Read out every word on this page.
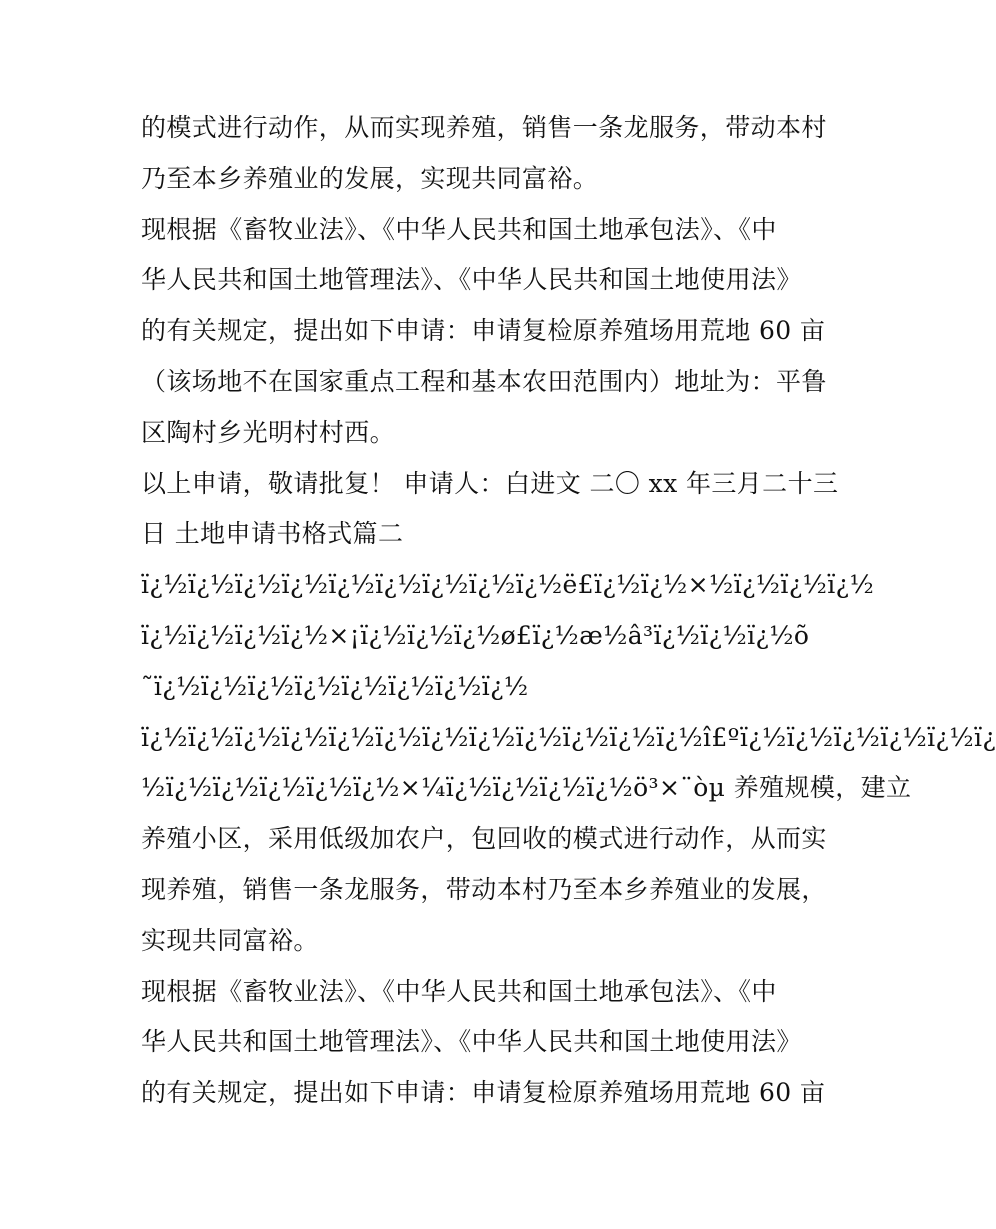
的模式进行动作，从而实现养殖，销售一条龙服务，带动本村
乃至本乡养殖业的发展，实现共同富裕。
现根据《畜牧业法》、《中华人民共和国土地承包法》、《中
华人民共和国土地管理法》、《中华人民共和国土地使用法》
的有关规定，提出如下申请：申请复检原养殖场用荒地 60 亩
（该场地不在国家重点工程和基本农田范围内）地址为：平鲁
区陶村乡光明村村西。
以上申请，敬请批复！ 申请人：白进文 二〇 xx 年三月二十三
日 土地申请书格式篇二
ï¿½ï¿½ï¿½ï¿½ï¿½ï¿½ï¿½ï¿½ï¿½ë£ï¿½ï¿½×½ï¿½ï¿½ï¿½
ï¿½ï¿½ï¿½ï¿½×¡ï¿½ï¿½ï¿½ø£ï¿½æ½â³ï¿½ï¿½ï¿½õ
˜ï¿½ï¿½ï¿½ï¿½ï¿½ï¿½ï¿½ï¿½
ï¿½ï¿½ï¿½ï¿½ï¿½ï¿½ï¿½ï¿½ï¿½ï¿½ï¿½ï¿½î£ºï¿½ï¿½ï¿½ï¿½ï¿½ï¿
½ï¿½ï¿½ï¿½ï¿½ï¿½×¼ï¿½ï¿½ï¿½ï¿½ö³×¨òµ 养殖规模，建立
养殖小区，采用低级加农户，包回收的模式进行动作，从而实
现养殖，销售一条龙服务，带动本村乃至本乡养殖业的发展，
实现共同富裕。
现根据《畜牧业法》、《中华人民共和国土地承包法》、《中
华人民共和国土地管理法》、《中华人民共和国土地使用法》
的有关规定，提出如下申请：申请复检原养殖场用荒地 60 亩
